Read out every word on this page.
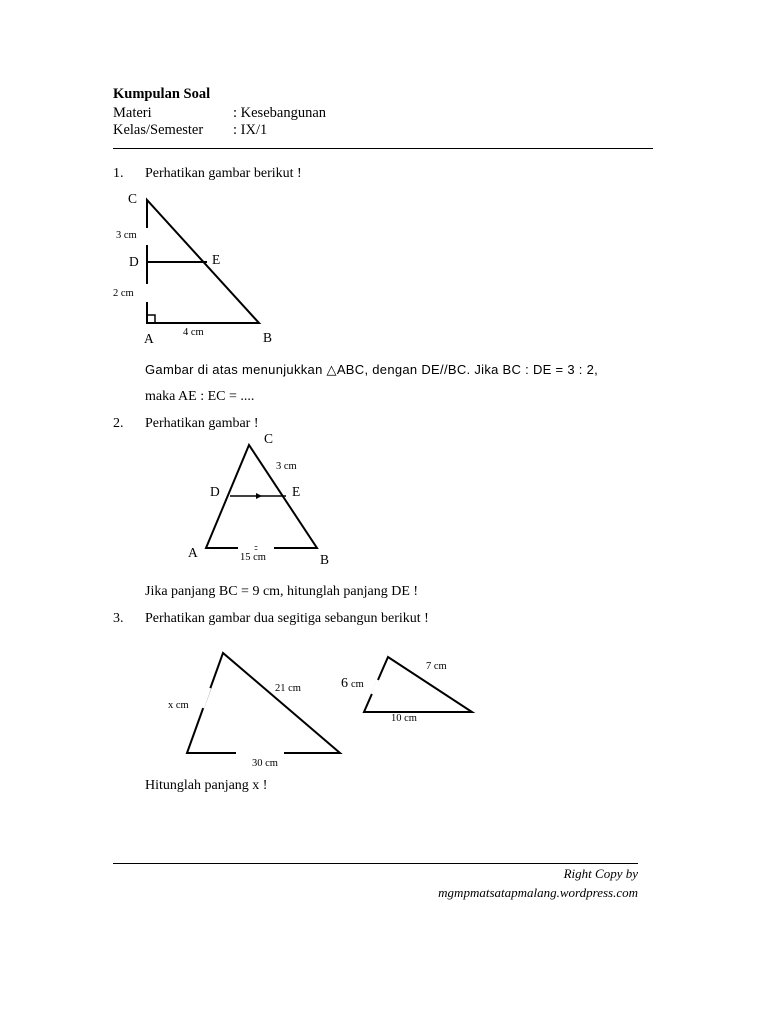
Kumpulan Soal
Materi	: Kesebangunan
Kelas/Semester : IX/1
1. Perhatikan gambar berikut !
C
3 cm
D	E
2 cm
A	4 cm	B
Gambar di atas menunjukkan △ABC, dengan DE//BC. Jika BC : DE = 3 : 2,
maka AE : EC = ....
2. Perhatikan gambar !
C
3 cm
D	E
A	15 cm	B
Jika panjang BC = 9 cm, hitunglah panjang DE !
3. Perhatikan gambar dua segitiga sebangun berikut !
x cm
21 cm
30 cm
6 cm
7 cm
10 cm
Hitunglah panjang x !
Right Copy by
mgmpmatsatapmalang.wordpress.com
